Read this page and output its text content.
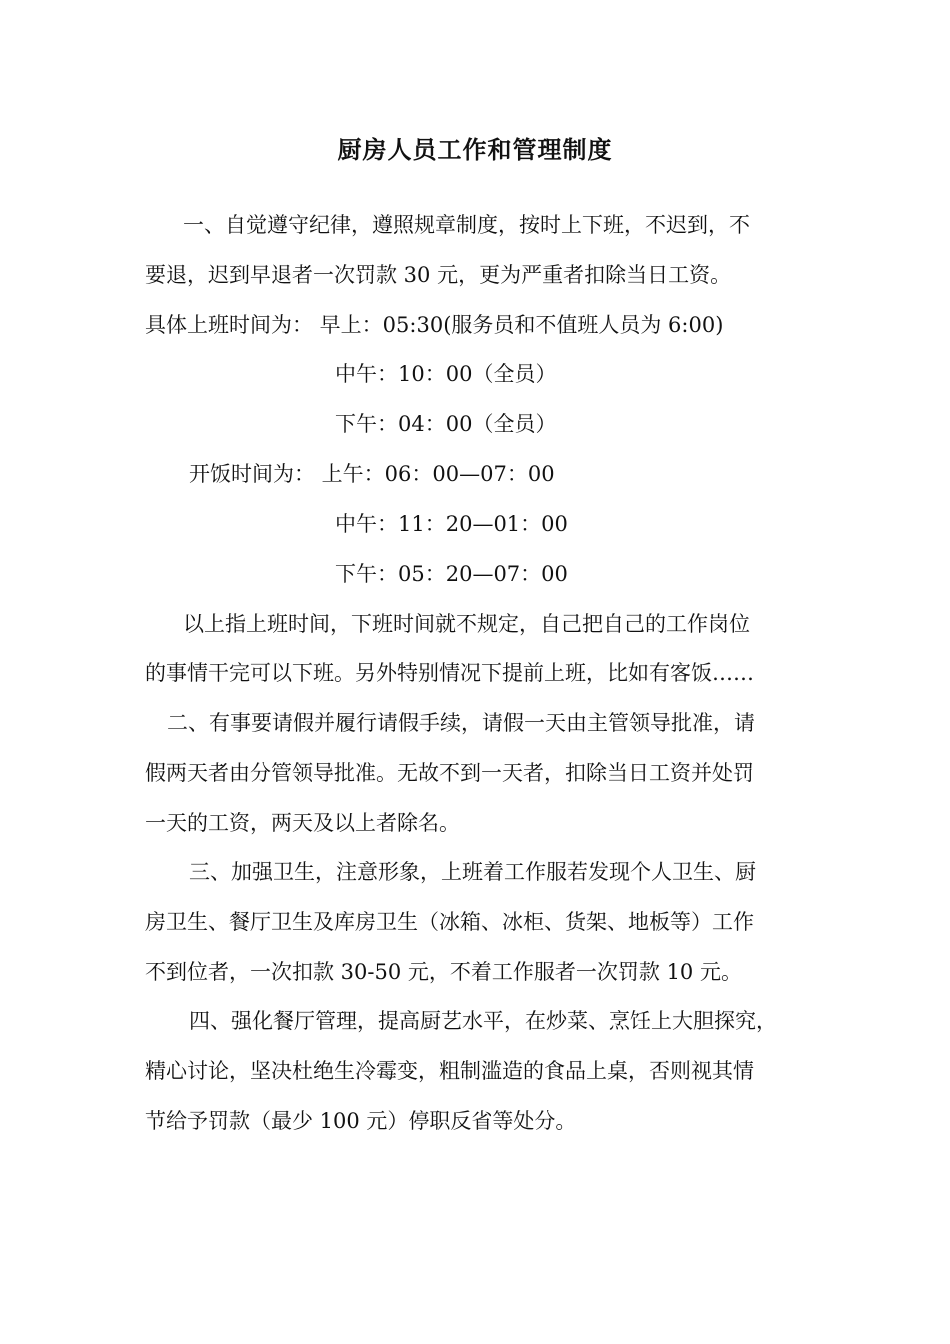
厨房人员工作和管理制度
一、自觉遵守纪律，遵照规章制度，按时上下班，不迟到，不
要退，迟到早退者一次罚款 30 元，更为严重者扣除当日工资。
具体上班时间为： 早上：05:30(服务员和不值班人员为 6:00)
中午：10：00（全员）
下午：04：00（全员）
开饭时间为： 上午：06：00—07：00
中午：11：20—01：00
下午：05：20—07：00
以上指上班时间，下班时间就不规定，自己把自己的工作岗位
的事情干完可以下班。另外特别情况下提前上班，比如有客饭……
二、有事要请假并履行请假手续，请假一天由主管领导批准，请
假两天者由分管领导批准。无故不到一天者，扣除当日工资并处罚
一天的工资，两天及以上者除名。
三、加强卫生，注意形象，上班着工作服若发现个人卫生、厨
房卫生、餐厅卫生及库房卫生（冰箱、冰柜、货架、地板等）工作
不到位者，一次扣款 30-50 元，不着工作服者一次罚款 10 元。
四、强化餐厅管理，提高厨艺水平，在炒菜、烹饪上大胆探究，
精心讨论，坚决杜绝生冷霉变，粗制滥造的食品上桌，否则视其情
节给予罚款（最少 100 元）停职反省等处分。
